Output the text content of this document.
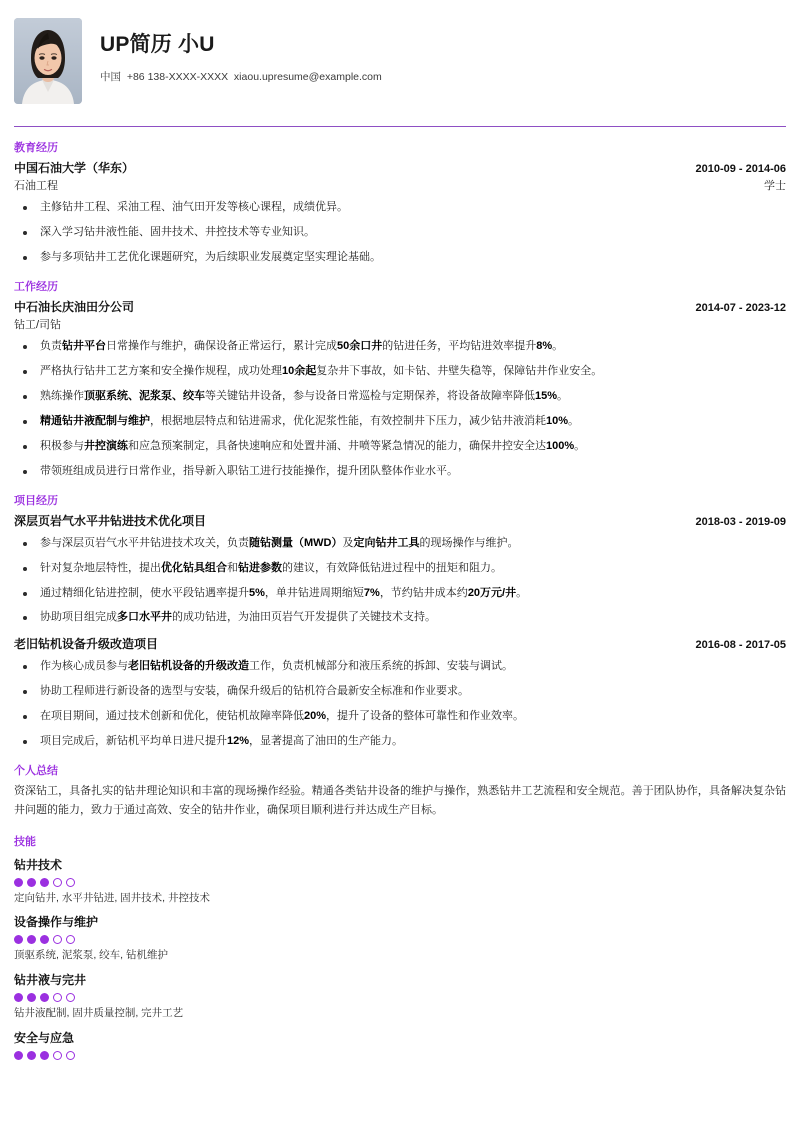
UP简历 小U
中国  +86 138-XXXX-XXXX  xiaou.upresume@example.com
教育经历
中国石油大学（华东）	2010-09 - 2014-06
石油工程	学士
主修钻井工程、采油工程、油气田开发等核心课程，成绩优异。
深入学习钻井液性能、固井技术、井控技术等专业知识。
参与多项钻井工艺优化课题研究，为后续职业发展奠定坚实理论基础。
工作经历
中石油长庆油田分公司	2014-07 - 2023-12
钻工/司钻
负责钻井平台日常操作与维护，确保设备正常运行，累计完成50余口井的钻进任务，平均钻进效率提升8%。
严格执行钻井工艺方案和安全操作规程，成功处理10余起复杂井下事故，如卡钻、井壁失稳等，保障钻井作业安全。
熟练操作顶驱系统、泥浆泵、绞车等关键钻井设备，参与设备日常巡检与定期保养，将设备故障率降低15%。
精通钻井液配制与维护，根据地层特点和钻进需求，优化泥浆性能，有效控制井下压力，减少钻井液消耗10%。
积极参与井控演练和应急预案制定，具备快速响应和处置井涌、井喷等紧急情况的能力，确保井控安全达100%。
带领班组成员进行日常作业，指导新入职钻工进行技能操作，提升团队整体作业水平。
项目经历
深层页岩气水平井钻进技术优化项目	2018-03 - 2019-09
参与深层页岩气水平井钻进技术攻关，负责随钻测量（MWD）及定向钻井工具的现场操作与维护。
针对复杂地层特性，提出优化钻具组合和钻进参数的建议，有效降低钻进过程中的扭矩和阻力。
通过精细化钻进控制，使水平段钻遇率提升5%，单井钻进周期缩短7%，节约钻井成本约20万元/井。
协助项目组完成多口水平井的成功钻进，为油田页岩气开发提供了关键技术支持。
老旧钻机设备升级改造项目	2016-08 - 2017-05
作为核心成员参与老旧钻机设备的升级改造工作，负责机械部分和液压系统的拆卸、安装与调试。
协助工程师进行新设备的选型与安装，确保升级后的钻机符合最新安全标准和作业要求。
在项目期间，通过技术创新和优化，使钻机故障率降低20%，提升了设备的整体可靠性和作业效率。
项目完成后，新钻机平均单日进尺提升12%，显著提高了油田的生产能力。
个人总结
资深钻工，具备扎实的钻井理论知识和丰富的现场操作经验。精通各类钻井设备的维护与操作，熟悉钻井工艺流程和安全规范。善于团队协作，具备解决复杂钻井问题的能力，致力于通过高效、安全的钻井作业，确保项目顺利进行并达成生产目标。
技能
钻井技术
定向钻井, 水平井钻进, 固井技术, 井控技术
设备操作与维护
顶驱系统, 泥浆泵, 绞车, 钻机维护
钻井液与完井
钻井液配制, 固井质量控制, 完井工艺
安全与应急
